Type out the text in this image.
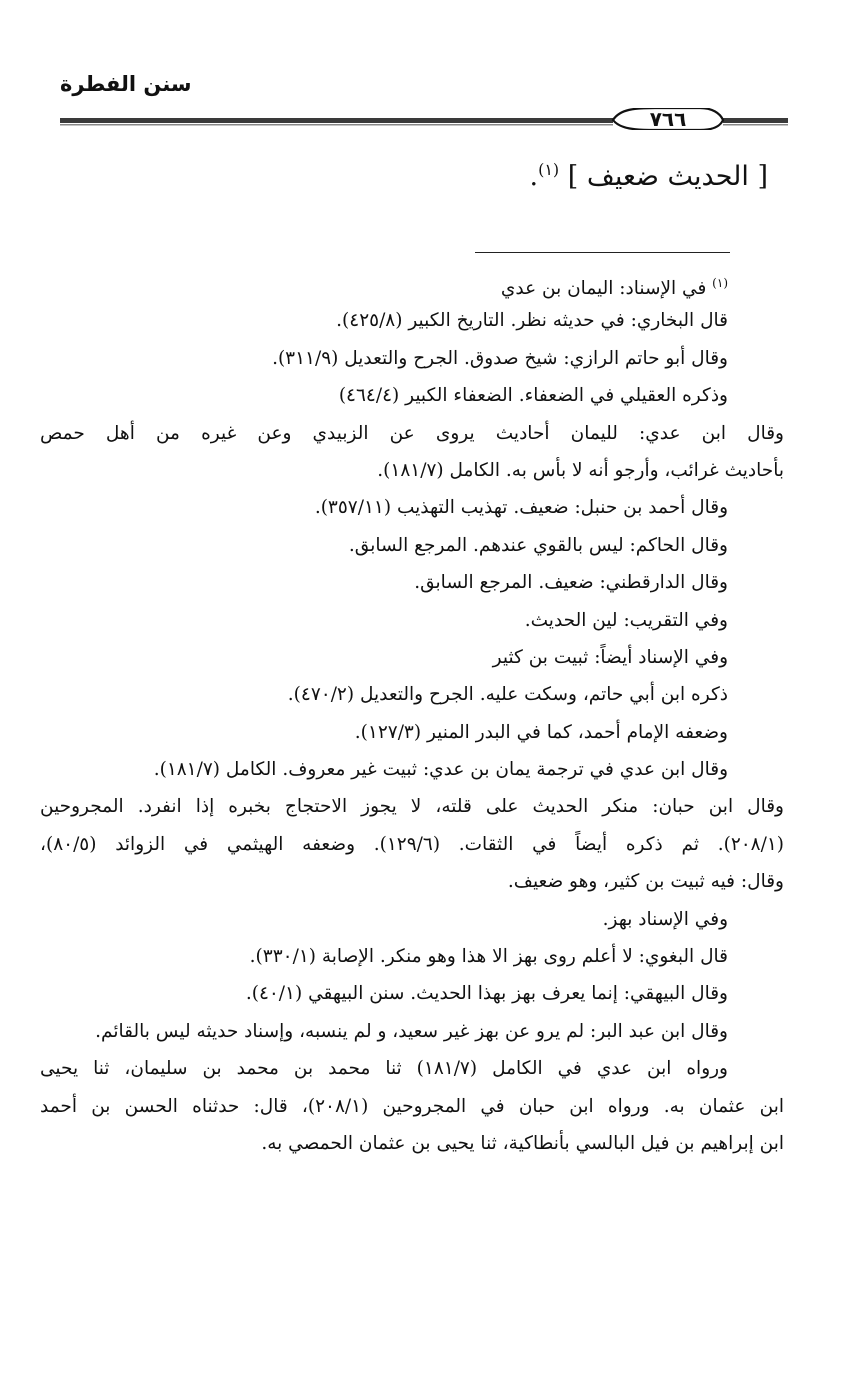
سنن الفطرة
٧٦٦

[ الحديث ضعيف ] $^{(١)}$.

$^{(١)}$ في الإسناد: اليمان بن عدي
قال البخاري: في حديثه نظر. التاريخ الكبير (٤٢٥/٨).
وقال أبو حاتم الرازي: شيخ صدوق. الجرح والتعديل (٣١١/٩).
وذكره العقيلي في الضعفاء. الضعفاء الكبير (٤٦٤/٤)
وقال ابن عدي: لليمان أحاديث يروى عن الزبيدي وعن غيره من أهل حمص
بأحاديث غرائب، وأرجو أنه لا بأس به. الكامل (١٨١/٧).
وقال أحمد بن حنبل: ضعيف. تهذيب التهذيب (٣٥٧/١١).
وقال الحاكم: ليس بالقوي عندهم. المرجع السابق.
وقال الدارقطني: ضعيف. المرجع السابق.
وفي التقريب: لين الحديث.
وفي الإسناد أيضاً: ثبيت بن كثير
ذكره ابن أبي حاتم، وسكت عليه. الجرح والتعديل (٤٧٠/٢).
وضعفه الإمام أحمد، كما في البدر المنير (١٢٧/٣).
وقال ابن عدي في ترجمة يمان بن عدي: ثبيت غير معروف. الكامل (١٨١/٧).
وقال ابن حبان: منكر الحديث على قلته، لا يجوز الاحتجاج بخبره إذا انفرد. المجروحين
(٢٠٨/١). ثم ذكره أيضاً في الثقات. (١٢٩/٦). وضعفه الهيثمي في الزوائد (٨٠/٥)،
وقال: فيه ثبيت بن كثير، وهو ضعيف.
وفي الإسناد بهز.
قال البغوي: لا أعلم روى بهز الا هذا وهو منكر. الإصابة (٣٣٠/١).
وقال البيهقي: إنما يعرف بهز بهذا الحديث. سنن البيهقي (٤٠/١).
وقال ابن عبد البر: لم يرو عن بهز غير سعيد، و لم ينسبه، وإسناد حديثه ليس بالقائم.
ورواه ابن عدي في الكامل (١٨١/٧) ثنا محمد بن محمد بن سليمان، ثنا يحيى
ابن عثمان به. ورواه ابن حبان في المجروحين (٢٠٨/١)، قال: حدثناه الحسن بن أحمد
ابن إبراهيم بن فيل البالسي بأنطاكية، ثنا يحيى بن عثمان الحمصي به.
